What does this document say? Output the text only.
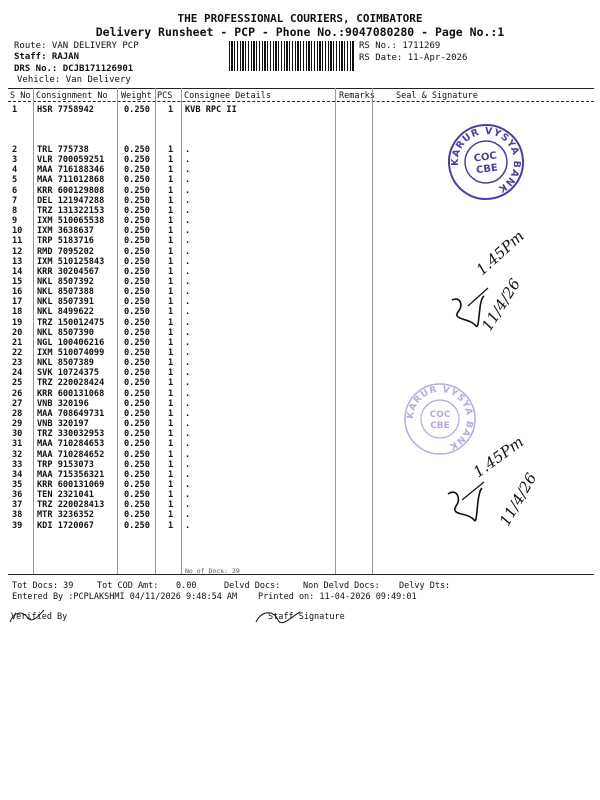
THE PROFESSIONAL COURIERS, COIMBATORE
Delivery Runsheet - PCP - Phone No.:9047080280 - Page No.:1
Route: VAN DELIVERY PCP
Staff: RAJAN
DRS No.: DCJB171126901
Vehicle: Van Delivery
RS No.: 1711269
RS Date: 11-Apr-2026
S No Consignment No Weight PCS Consignee Details	Remarks Seal & Signature
1 HSR 7758942	0.250 1 KVB RPC II
2 TRL 775738	0.250 1 .
3 VLR 700059251 0.250 1 .
4 MAA 716188346 0.250 1 .
5 MAA 711012868 0.250 1 .
6 KRR 600129808 0.250 1 .
7 DEL 121947288 0.250 1 .
8 TRZ 131322153 0.250 1 .
9 IXM 510065538 0.250 1 .
10 IXM 3638637	0.250 1 .
11 TRP 5183716	0.250 1 .
12 RMD 7095202	0.250 1 .
13 IXM 510125843 0.250 1 .
14 KRR 30204567	0.250 1 .
15 NKL 8507392	0.250 1 .
16 NKL 8507388	0.250 1 .
17 NKL 8507391	0.250 1 .
18 NKL 8499622	0.250 1 .
19 TRZ 150012475 0.250 1 .
20 NKL 8507390	0.250 1 .
21 NGL 100406216 0.250 1 .
22 IXM 510074099 0.250 1 .
23 NKL 8507389	0.250 1 .
24 SVK 10724375	0.250 1 .
25 TRZ 220028424 0.250 1 .
26 KRR 600131068 0.250 1 .
27 VNB 320196	0.250 1 .
28 MAA 708649731 0.250 1 .
29 VNB 320197	0.250 1 .
30 TRZ 330032953 0.250 1 .
31 MAA 710284653 0.250 1 .
32 MAA 710284652 0.250 1 .
33 TRP 9153073	0.250 1 .
34 MAA 715356321 0.250 1 .
35 KRR 600131069 0.250 1 .
36 TEN 2321041	0.250 1 .
37 TRZ 220028413 0.250 1 .
38 MTR 3236352	0.250 1 .
39 KDI 1720067	0.250 1 .
No of Docs: 39
Tot Docs: 39	Tot COD Amt: 0.00	Delvd Docs:	Non Delvd Docs: Delvy Dts:
Entered By :PCPLAKSHMI 04/11/2026 9:48:54 AM Printed on: 11-04-2026 09:49:01
Verified By	Staff Signature
KARUR VYSYA BANK
COC
CBE
KARUR VYSYA BANK
COC
CBE
1.45Pm
11/4/26
1.45Pm
11/4/26
